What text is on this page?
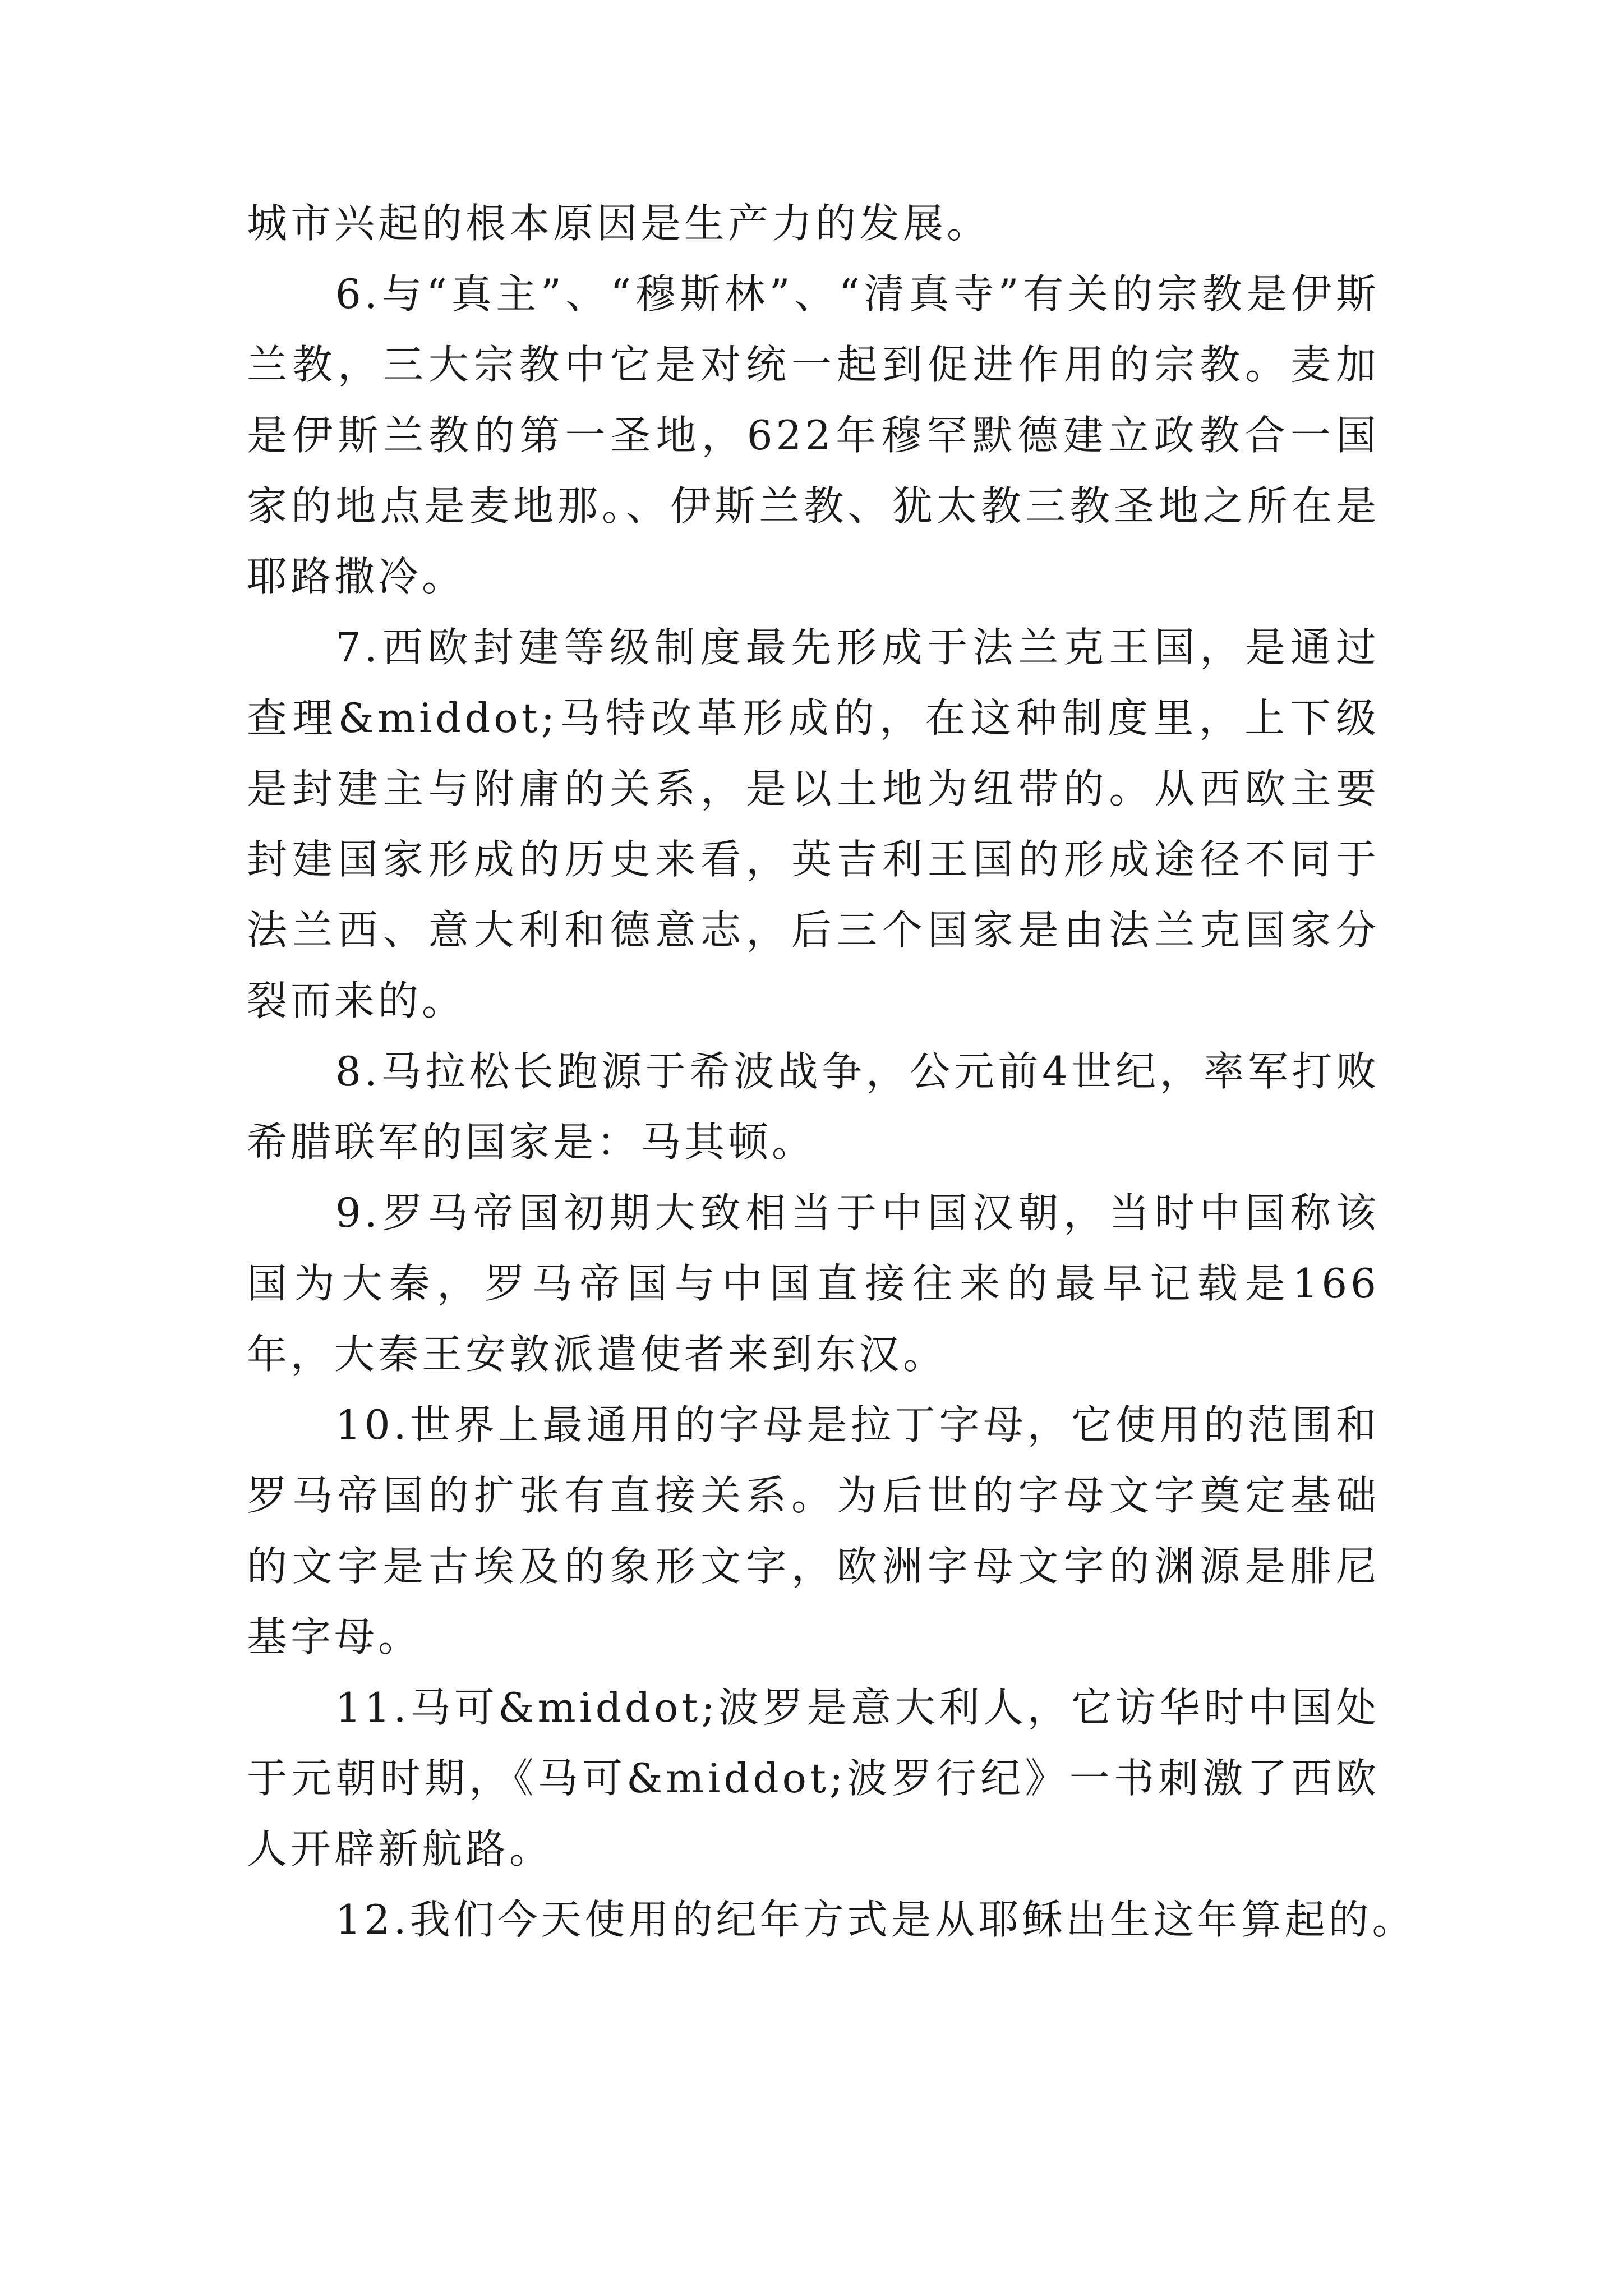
城市兴起的根本原因是生产力的发展。

6.与“真主”、“穆斯林”、“清真寺”有关的宗教是伊斯兰教，三大宗教中它是对统一起到促进作用的宗教。麦加是伊斯兰教的第一圣地，622年穆罕默德建立政教合一国家的地点是麦地那。、伊斯兰教、犹太教三教圣地之所在是耶路撒冷。

7.西欧封建等级制度最先形成于法兰克王国，是通过查理&middot;马特改革形成的，在这种制度里，上下级是封建主与附庸的关系，是以土地为纽带的。从西欧主要封建国家形成的历史来看，英吉利王国的形成途径不同于法兰西、意大利和德意志，后三个国家是由法兰克国家分裂而来的。

8.马拉松长跑源于希波战争，公元前4世纪，率军打败希腊联军的国家是：马其顿。

9.罗马帝国初期大致相当于中国汉朝，当时中国称该国为大秦，罗马帝国与中国直接往来的最早记载是166年，大秦王安敦派遣使者来到东汉。

10.世界上最通用的字母是拉丁字母，它使用的范围和罗马帝国的扩张有直接关系。为后世的字母文字奠定基础的文字是古埃及的象形文字，欧洲字母文字的渊源是腓尼基字母。

11.马可&middot;波罗是意大利人，它访华时中国处于元朝时期，《马可&middot;波罗行纪》一书刺激了西欧人开辟新航路。

12.我们今天使用的纪年方式是从耶稣出生这年算起的。
